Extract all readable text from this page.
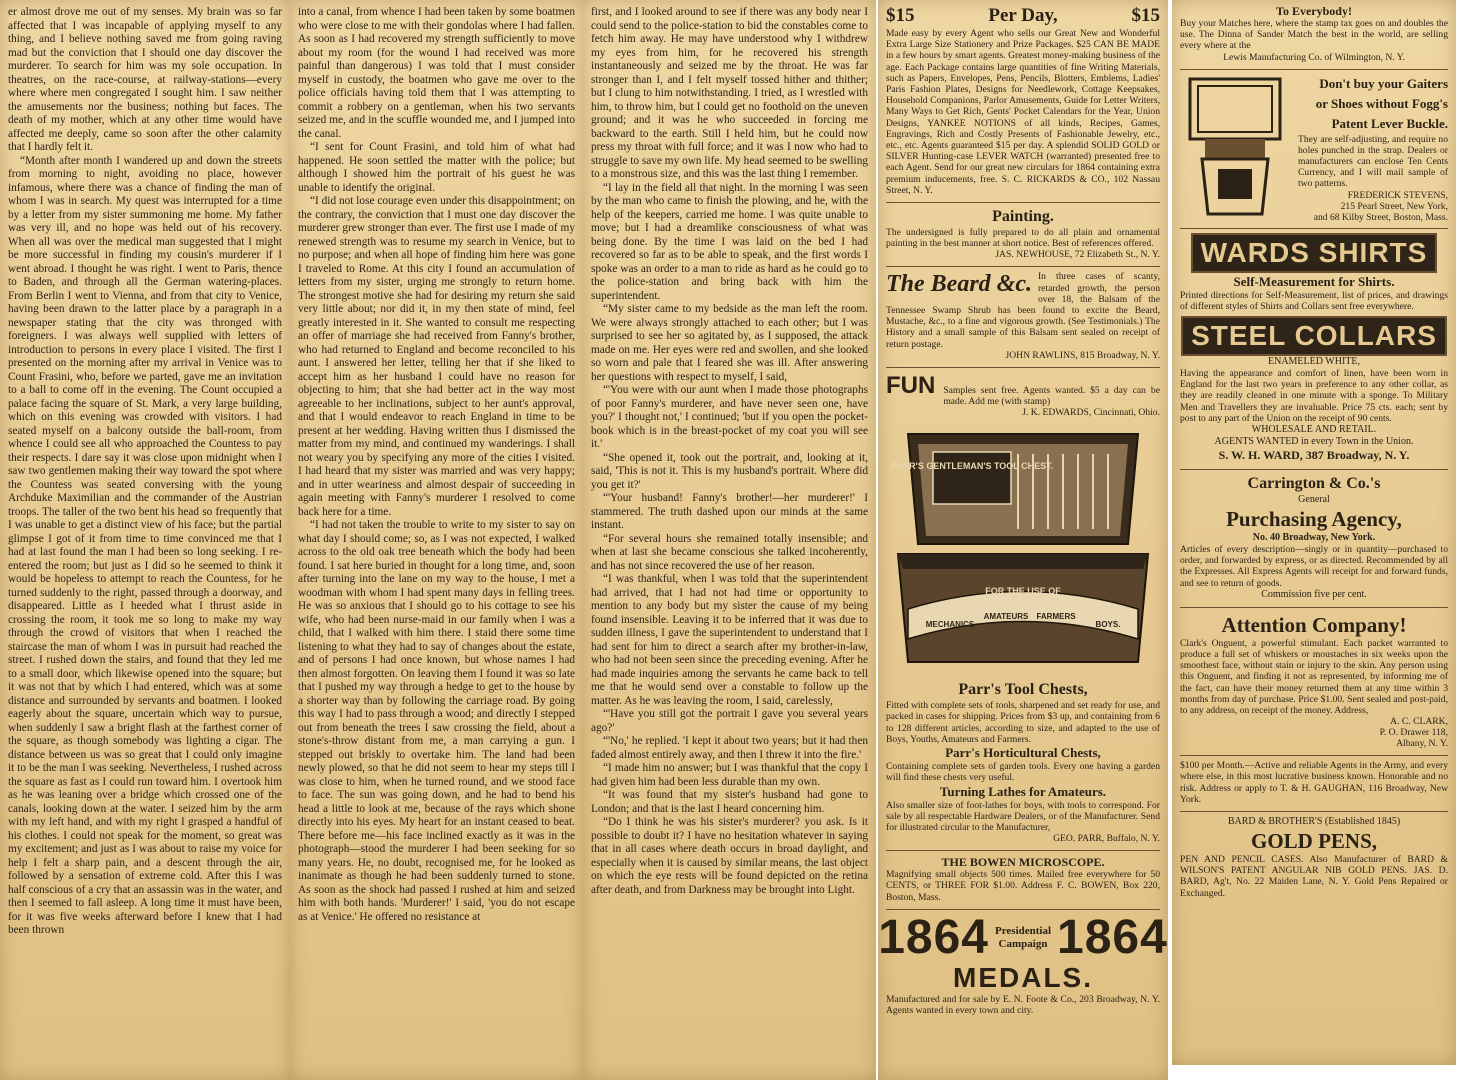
er almost drove me out of my senses. My brain was so far affected that I was incapable of applying myself to any thing, and I believe nothing saved me from going raving mad but the conviction that I should one day discover the murderer. To search for him was my sole occupation. In theatres, on the race-course, at railway-stations—every where where men congregated I sought him. I saw neither the amusements nor the business; nothing but faces. The death of my mother, which at any other time would have affected me deeply, came so soon after the other calamity that I hardly felt it.

“Month after month I wandered up and down the streets from morning to night, avoiding no place, however infamous, where there was a chance of finding the man of whom I was in search. My quest was interrupted for a time by a letter from my sister summoning me home. My father was very ill, and no hope was held out of his recovery. When all was over the medical man suggested that I might be more successful in finding my cousin's murderer if I went abroad. I thought he was right. I went to Paris, thence to Baden, and through all the German watering-places. From Berlin I went to Vienna, and from that city to Venice, having been drawn to the latter place by a paragraph in a newspaper stating that the city was thronged with foreigners. I was always well supplied with letters of introduction to persons in every place I visited. The first I presented on the morning after my arrival in Venice was to Count Frasini, who, before we parted, gave me an invitation to a ball to come off in the evening. The Count occupied a palace facing the square of St. Mark, a very large building, which on this evening was crowded with visitors. I had seated myself on a balcony outside the ball-room, from whence I could see all who approached the Countess to pay their respects. I dare say it was close upon midnight when I saw two gentlemen making their way toward the spot where the Countess was seated conversing with the young Archduke Maximilian and the commander of the Austrian troops. The taller of the two bent his head so frequently that I was unable to get a distinct view of his face; but the partial glimpse I got of it from time to time convinced me that I had at last found the man I had been so long seeking. I re-entered the room; but just as I did so he seemed to think it would be hopeless to attempt to reach the Countess, for he turned suddenly to the right, passed through a doorway, and disappeared. Little as I heeded what I thrust aside in crossing the room, it took me so long to make my way through the crowd of visitors that when I reached the staircase the man of whom I was in pursuit had reached the street. I rushed down the stairs, and found that they led me to a small door, which likewise opened into the square; but it was not that by which I had entered, which was at some distance and surrounded by servants and boatmen. I looked eagerly about the square, uncertain which way to pursue, when suddenly I saw a bright flash at the farthest corner of the square, as though somebody was lighting a cigar. The distance between us was so great that I could only imagine it to be the man I was seeking. Nevertheless, I rushed across the square as fast as I could run toward him. I overtook him as he was leaning over a bridge which crossed one of the canals, looking down at the water. I seized him by the arm with my left hand, and with my right I grasped a handful of his clothes. I could not speak for the moment, so great was my excitement; and just as I was about to raise my voice for help I felt a sharp pain, and a descent through the air, followed by a sensation of extreme cold. After this I was half conscious of a cry that an assassin was in the water, and then I seemed to fall asleep. A long time it must have been, for it was five weeks afterward before I knew that I had been thrown

into a canal, from whence I had been taken by some boatmen who were close to me with their gondolas where I had fallen. As soon as I had recovered my strength sufficiently to move about my room (for the wound I had received was more painful than dangerous) I was told that I must consider myself in custody, the boatmen who gave me over to the police officials having told them that I was attempting to commit a robbery on a gentleman, when his two servants seized me, and in the scuffle wounded me, and I jumped into the canal.

“I sent for Count Frasini, and told him of what had happened. He soon settled the matter with the police; but although I showed him the portrait of his guest he was unable to identify the original.

“I did not lose courage even under this disappointment; on the contrary, the conviction that I must one day discover the murderer grew stronger than ever. The first use I made of my renewed strength was to resume my search in Venice, but to no purpose; and when all hope of finding him here was gone I traveled to Rome. At this city I found an accumulation of letters from my sister, urging me strongly to return home. The strongest motive she had for desiring my return she said very little about; nor did it, in my then state of mind, feel greatly interested in it. She wanted to consult me respecting an offer of marriage she had received from Fanny's brother, who had returned to England and become reconciled to his aunt. I answered her letter, telling her that if she liked to accept him as her husband I could have no reason for objecting to him; that she had better act in the way most agreeable to her inclinations, subject to her aunt's approval, and that I would endeavor to reach England in time to be present at her wedding. Having written thus I dismissed the matter from my mind, and continued my wanderings. I shall not weary you by specifying any more of the cities I visited. I had heard that my sister was married and was very happy; and in utter weariness and almost despair of succeeding in again meeting with Fanny's murderer I resolved to come back here for a time.

“I had not taken the trouble to write to my sister to say on what day I should come; so, as I was not expected, I walked across to the old oak tree beneath which the body had been found. I sat here buried in thought for a long time, and, soon after turning into the lane on my way to the house, I met a woodman with whom I had spent many days in felling trees. He was so anxious that I should go to his cottage to see his wife, who had been nurse-maid in our family when I was a child, that I walked with him there. I staid there some time listening to what they had to say of changes about the estate, and of persons I had once known, but whose names I had then almost forgotten. On leaving them I found it was so late that I pushed my way through a hedge to get to the house by a shorter way than by following the carriage road. By going this way I had to pass through a wood; and directly I stepped out from beneath the trees I saw crossing the field, about a stone's-throw distant from me, a man carrying a gun. I stepped out briskly to overtake him. The land had been newly plowed, so that he did not seem to hear my steps till I was close to him, when he turned round, and we stood face to face. The sun was going down, and he had to bend his head a little to look at me, because of the rays which shone directly into his eyes. My heart for an instant ceased to beat. There before me—his face inclined exactly as it was in the photograph—stood the murderer I had been seeking for so many years. He, no doubt, recognised me, for he looked as inanimate as though he had been suddenly turned to stone. As soon as the shock had passed I rushed at him and seized him with both hands. 'Murderer!' I said, 'you do not escape as at Venice.' He offered no resistance at

first, and I looked around to see if there was any body near I could send to the police-station to bid the constables come to fetch him away. He may have understood why I withdrew my eyes from him, for he recovered his strength instantaneously and seized me by the throat. He was far stronger than I, and I felt myself tossed hither and thither; but I clung to him notwithstanding. I tried, as I wrestled with him, to throw him, but I could get no foothold on the uneven ground; and it was he who succeeded in forcing me backward to the earth. Still I held him, but he could now press my throat with full force; and it was I now who had to struggle to save my own life. My head seemed to be swelling to a monstrous size, and this was the last thing I remember.

“I lay in the field all that night. In the morning I was seen by the man who came to finish the plowing, and he, with the help of the keepers, carried me home. I was quite unable to move; but I had a dreamlike consciousness of what was being done. By the time I was laid on the bed I had recovered so far as to be able to speak, and the first words I spoke was an order to a man to ride as hard as he could go to the police-station and bring back with him the superintendent.

“My sister came to my bedside as the man left the room. We were always strongly attached to each other; but I was surprised to see her so agitated by, as I supposed, the attack made on me. Her eyes were red and swollen, and she looked so worn and pale that I feared she was ill. After answering her questions with respect to myself, I said,

“'You were with our aunt when I made those photographs of poor Fanny's murderer, and have never seen one, have you?' I thought not,' I continued; 'but if you open the pocket-book which is in the breast-pocket of my coat you will see it.'

“She opened it, took out the portrait, and, looking at it, said, 'This is not it. This is my husband's portrait. Where did you get it?'

“'Your husband! Fanny's brother!—her murderer!' I stammered. The truth dashed upon our minds at the same instant.

“For several hours she remained totally insensible; and when at last she became conscious she talked incoherently, and has not since recovered the use of her reason.

“I was thankful, when I was told that the superintendent had arrived, that I had not had time or opportunity to mention to any body but my sister the cause of my being found insensible. Leaving it to be inferred that it was due to sudden illness, I gave the superintendent to understand that I had sent for him to direct a search after my brother-in-law, who had not been seen since the preceding evening. After he had made inquiries among the servants he came back to tell me that he would send over a constable to follow up the matter. As he was leaving the room, I said, carelessly,

“'Have you still got the portrait I gave you several years ago?'

“'No,' he replied. 'I kept it about two years; but it had then faded almost entirely away, and then I threw it into the fire.'

“I made him no answer; but I was thankful that the copy I had given him had been less durable than my own.

“It was found that my sister's husband had gone to London; and that is the last I heard concerning him.

“Do I think he was his sister's murderer? you ask. Is it possible to doubt it? I have no hesitation whatever in saying that in all cases where death occurs in broad daylight, and especially when it is caused by similar means, the last object on which the eye rests will be found depicted on the retina after death, and from Darkness may be brought into Light.

$15	Per Day,	$15
Made easy by every Agent who sells our Great New and Wonderful Extra Large Size Stationery and Prize Packages. $25 CAN BE MADE in a few hours by smart agents. Greatest money-making business of the age. Each Package contains large quantities of fine Writing Materials, such as Papers, Envelopes, Pens, Pencils, Blotters, Emblems, Ladies' Paris Fashion Plates, Designs for Needlework, Cottage Keepsakes, Household Companions, Parlor Amusements, Guide for Letter Writers, Many Ways to Get Rich, Gents' Pocket Calendars for the Year, Union Designs, YANKEE NOTIONS of all kinds, Recipes, Games, Engravings, Rich and Costly Presents of Fashionable Jewelry, etc., etc., etc. Agents guaranteed $15 per day. A splendid SOLID GOLD or SILVER Hunting-case LEVER WATCH (warranted) presented free to each Agent. Send for our great new circulars for 1864 containing extra premium inducements, free. S. C. RICKARDS & CO., 102 Nassau Street, N. Y.
Painting.
The undersigned is fully prepared to do all plain and ornamental painting in the best manner at short notice. Best of references offered.
JAS. NEWHOUSE, 72 Elizabeth St., N. Y.
The Beard &c. In three cases of scanty, retarded growth, the person over 18, the Balsam of the Tennessee Swamp Shrub has been found to excite the Beard, Mustache, &c., to a fine and vigorous growth. (See Testimonials.) The History and a small sample of this Balsam sent sealed on receipt of return postage.
JOHN RAWLINS, 815 Broadway, N. Y.
FUN Samples sent free. Agents wanted. $5 a day can be made. Add me (with stamp)
J. K. EDWARDS, Cincinnati, Ohio.
PARR'S GENTLEMAN'S TOOL CHEST.
FOR THE USE OF
MECHANICS
AMATEURS FARMERS
BOYS.
Parr's Tool Chests,
Fitted with complete sets of tools, sharpened and set ready for use, and packed in cases for shipping. Prices from $3 up, and containing from 6 to 128 different articles, according to size, and adapted to the use of Boys, Youths, Amateurs and Farmers.
Parr's Horticultural Chests,
Containing complete sets of garden tools. Every one having a garden will find these chests very useful.
Turning Lathes for Amateurs.
Also smaller size of foot-lathes for boys, with tools to correspond. For sale by all respectable Hardware Dealers, or of the Manufacturer. Send for illustrated circular to the Manufacturer,
GEO. PARR, Buffalo, N. Y.
THE BOWEN MICROSCOPE.
Magnifying small objects 500 times. Mailed free everywhere for 50 CENTS, or THREE FOR $1.00. Address F. C. BOWEN, Box 220, Boston, Mass.
1864 Presidential
Campaign 1864
MEDALS.
Manufactured and for sale by E. N. Foote & Co., 203 Broadway, N. Y. Agents wanted in every town and city.
To Everybody!
Buy your Matches here, where the stamp tax goes on and doubles the use. The Dinna of Sander Match the best in the world, are selling every where at the
Lewis Manufacturing Co. of Wilmington, N. Y.
Don't buy your Gaiters
or Shoes without Fogg's
Patent Lever Buckle.
They are self-adjusting, and require no holes punched in the strap. Dealers or manufacturers can enclose Ten Cents Currency, and I will mail sample of two patterns.
FREDERICK STEVENS,
215 Pearl Street, New York,
and 68 Kilby Street, Boston, Mass.
WARDS SHIRTS
Self-Measurement for Shirts.
Printed directions for Self-Measurement, list of prices, and drawings of different styles of Shirts and Collars sent free everywhere.
STEEL COLLARS
ENAMELED WHITE,
Having the appearance and comfort of linen, have been worn in England for the last two years in preference to any other collar, as they are readily cleaned in one minute with a sponge. To Military Men and Travellers they are invaluable. Price 75 cts. each; sent by post to any part of the Union on the receipt of 90 cents.
WHOLESALE AND RETAIL.
AGENTS WANTED in every Town in the Union.
S. W. H. WARD, 387 Broadway, N. Y.
Carrington & Co.'s
General
Purchasing Agency,
No. 40 Broadway, New York.
Articles of every description—singly or in quantity—purchased to order, and forwarded by express, or as directed. Recommended by all the Expresses. All Express Agents will receipt for and forward funds, and see to return of goods.
Commission five per cent.
Attention Company!
Clark's Onguent, a powerful stimulant. Each packet warranted to produce a full set of whiskers or moustaches in six weeks upon the smoothest face, without stain or injury to the skin. Any person using this Onguent, and finding it not as represented, by informing me of the fact, can have their money returned them at any time within 3 months from day of purchase. Price $1.00. Sent sealed and post-paid, to any address, on receipt of the money. Address,
A. C. CLARK,
P. O. Drawer 118,
Albany, N. Y.
$100 per Month.—Active and reliable Agents in the Army, and every where else, in this most lucrative business known. Honorable and no risk. Address or apply to T. & H. GAUGHAN, 116 Broadway, New York.
BARD & BROTHER'S (Established 1845)
GOLD PENS,
PEN AND PENCIL CASES. Also Manufacturer of BARD & WILSON'S PATENT ANGULAR NIB GOLD PENS. JAS. D. BARD, Ag't, No. 22 Maiden Lane, N. Y. Gold Pens Repaired or Exchanged.
